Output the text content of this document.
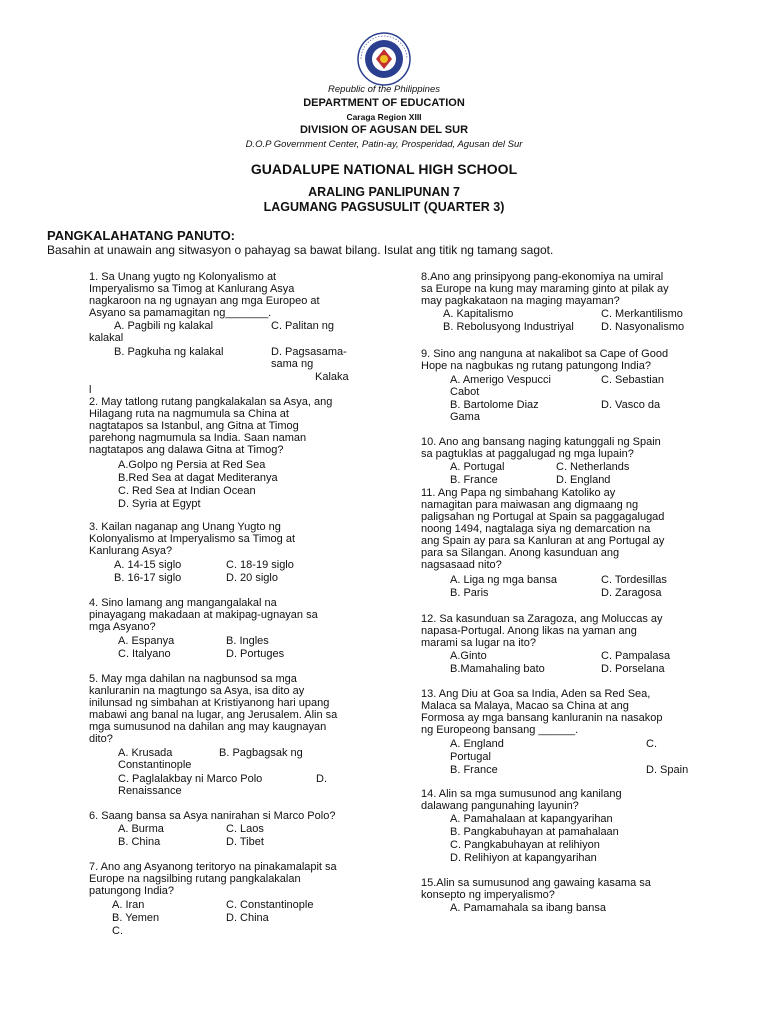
Republic of the Philippines
DEPARTMENT OF EDUCATION
Caraga Region XIII
DIVISION OF AGUSAN DEL SUR
D.O.P Government Center, Patin-ay, Prosperidad, Agusan del Sur
GUADALUPE NATIONAL HIGH SCHOOL
ARALING PANLIPUNAN 7
LAGUMANG PAGSUSULIT (QUARTER 3)
PANGKALAHATANG PANUTO:
Basahin at unawain ang sitwasyon o pahayag sa bawat bilang. Isulat ang titik ng tamang sagot.
1. Sa Unang yugto ng Kolonyalismo at
Imperyalismo sa Timog at Kanlurang Asya
nagkaroon na ng ugnayan ang mga Europeo at
Asyano sa pamamagitan ng_______.
A. Pagbili ng kalakal	C. Palitan ng
kalakal
B. Pagkuha ng kalakal	D. Pagsasama-
sama ng
Kalaka
l
2. May tatlong rutang pangkalakalan sa Asya, ang
Hilagang ruta na nagmumula sa China at
nagtatapos sa Istanbul, ang Gitna at Timog
parehong nagmumula sa India. Saan naman
nagtatapos ang dalawa Gitna at Timog?
A.Golpo ng Persia at Red Sea
B.Red Sea at dagat Mediteranya
C. Red Sea at Indian Ocean
D. Syria at Egypt
3. Kailan naganap ang Unang Yugto ng
Kolonyalismo at Imperyalismo sa Timog at
Kanlurang Asya?
A. 14-15 siglo	C. 18-19 siglo
B. 16-17 siglo	D. 20 siglo
4. Sino lamang ang mangangalakal na
pinayagang makadaan at makipag-ugnayan sa
mga Asyano?
A. Espanya	B. Ingles
C. Italyano	D. Portuges
5. May mga dahilan na nagbunsod sa mga
kanluranin na magtungo sa Asya, isa dito ay
inilunsad ng simbahan at Kristiyanong hari upang
mabawi ang banal na lugar, ang Jerusalem. Alin sa
mga sumusunod na dahilan ang may kaugnayan
dito?
A. Krusada	B. Pagbagsak ng
Constantinople
C. Paglalakbay ni Marco Polo	D.
Renaissance
6. Saang bansa sa Asya nanirahan si Marco Polo?
A. Burma	C. Laos
B. China	D. Tibet
7. Ano ang Asyanong teritoryo na pinakamalapit sa
Europe na nagsilbing rutang pangkalakalan
patungong India?
A. Iran	C. Constantinople
B. Yemen	D. China
C.
8.Ano ang prinsipyong pang-ekonomiya na umiral
sa Europe na kung may maraming ginto at pilak ay
may pagkakataon na maging mayaman?
A. Kapitalismo	C. Merkantilismo
B. Rebolusyong Industriyal D. Nasyonalismo
9. Sino ang nanguna at nakalibot sa Cape of Good
Hope na nagbukas ng rutang patungong India?
A. Amerigo Vespucci	C. Sebastian
Cabot
B. Bartolome Diaz	D. Vasco da
Gama
10. Ano ang bansang naging katunggali ng Spain
sa pagtuklas at paggalugad ng mga lupain?
A. Portugal	C. Netherlands
B. France	D. England
11. Ang Papa ng simbahang Katoliko ay
namagitan para maiwasan ang digmaang ng
paligsahan ng Portugal at Spain sa paggagalugad
noong 1494, nagtalaga siya ng demarcation na
ang Spain ay para sa Kanluran at ang Portugal ay
para sa Silangan. Anong kasunduan ang
nagsasaad nito?
A. Liga ng mga bansa	C. Tordesillas
B. Paris	D. Zaragosa
12. Sa kasunduan sa Zaragoza, ang Moluccas ay
napasa-Portugal. Anong likas na yaman ang
marami sa lugar na ito?
A.Ginto	C. Pampalasa
B.Mamahaling bato	D. Porselana
13. Ang Diu at Goa sa India, Aden sa Red Sea,
Malaca sa Malaya, Macao sa China at ang
Formosa ay mga bansang kanluranin na nasakop
ng Europeong bansang ______.
A. England	C.
Portugal
B. France	D. Spain
14. Alin sa mga sumusunod ang kanilang
dalawang pangunahing layunin?
A. Pamahalaan at kapangyarihan
B. Pangkabuhayan at pamahalaan
C. Pangkabuhayan at relihiyon
D. Relihiyon at kapangyarihan
15.Alin sa sumusunod ang gawaing kasama sa
konsepto ng imperyalismo?
A. Pamamahala sa ibang bansa
